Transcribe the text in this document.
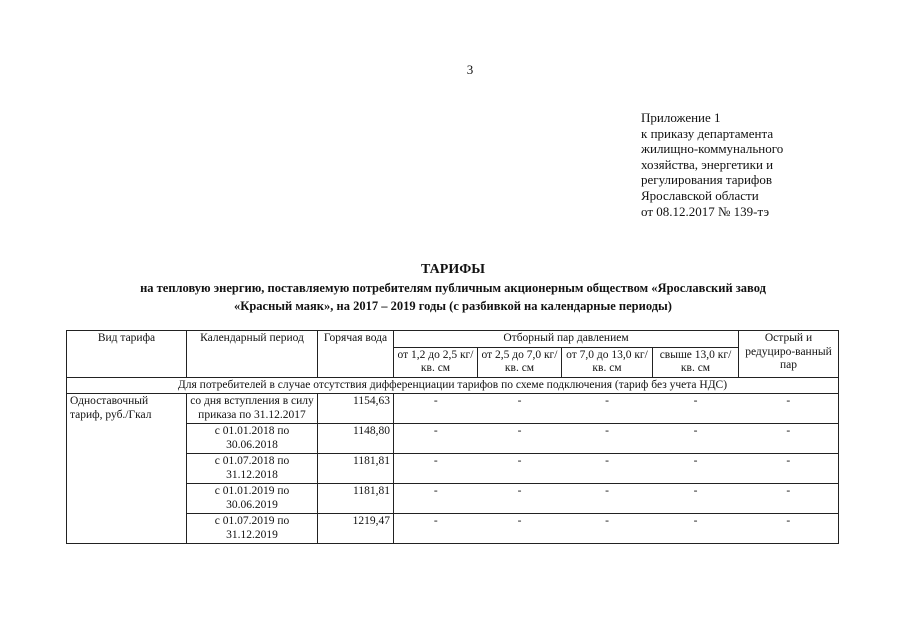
3
Приложение 1
к приказу департамента
жилищно-коммунального
хозяйства, энергетики и
регулирования тарифов
Ярославской области
от 08.12.2017 № 139-тэ
ТАРИФЫ
на тепловую энергию, поставляемую потребителям публичным акционерным обществом «Ярославский завод
«Красный маяк», на 2017 – 2019 годы (с разбивкой на календарные периоды)
Вид тарифа	Календарный период	Горячая вода	Отборный пар давлением				Острый и редуциро-ванный пар
			от 1,2 до 2,5 кг/кв. см	от 2,5 до 7,0 кг/кв. см	от 7,0 до 13,0 кг/кв. см	свыше 13,0 кг/кв. см	
Для потребителей в случае отсутствия дифференциации тарифов по схеме подключения (тариф без учета НДС)							
Одноставочный тариф, руб./Гкал	со дня вступления в силу приказа по 31.12.2017	1154,63	-	-	-	-	-
	с 01.01.2018 по 30.06.2018	1148,80	-	-	-	-	-
	с 01.07.2018 по 31.12.2018	1181,81	-	-	-	-	-
	с 01.01.2019 по 30.06.2019	1181,81	-	-	-	-	-
	с 01.07.2019 по 31.12.2019	1219,47	-	-	-	-	-
